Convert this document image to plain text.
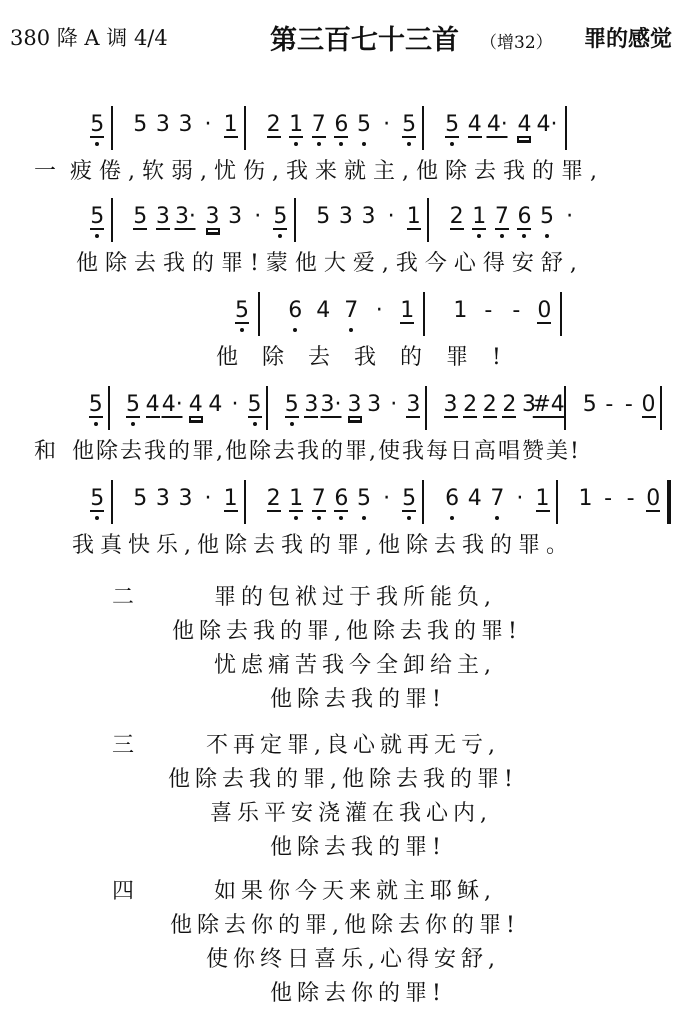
380 降 A 调 4/4	第三百七十三首 （增32） 罪的感觉
5 5 3 3 · 1 2 1 7 6 5 · 5 5 4 4· 4 4·
一 疲倦,软弱,忧伤,我来就主,他除去我的罪,
5 5 3 3· 3 3 · 5 5 3 3 · 1 2 1 7 6 5 ·
他除去我的罪!蒙他大爱,我今心得安舒,
5 6 4 7 · 1 1 - - 0
他除去我的罪!
5 5 4 4· 4 4 · 5 5 3 3· 3 3 · 3 3 2 2 2 3
#4 5 - - 0
和 他除去我的罪,他除去我的罪,使我每日高唱赞美!
5 5 3 3 · 1 2 1 7 6 5 · 5 6 4 7 · 1 1 - - 0
我真快乐,他除去我的罪,他除去我的罪。
二	罪的包袱过于我所能负,
他除去我的罪,他除去我的罪!
忧虑痛苦我今全卸给主,
他除去我的罪!
三	不再定罪,良心就再无亏,
他除去我的罪,他除去我的罪!
喜乐平安浇灌在我心内,
他除去我的罪!
四	如果你今天来就主耶稣,
他除去你的罪,他除去你的罪!
使你终日喜乐,心得安舒,
他除去你的罪!
